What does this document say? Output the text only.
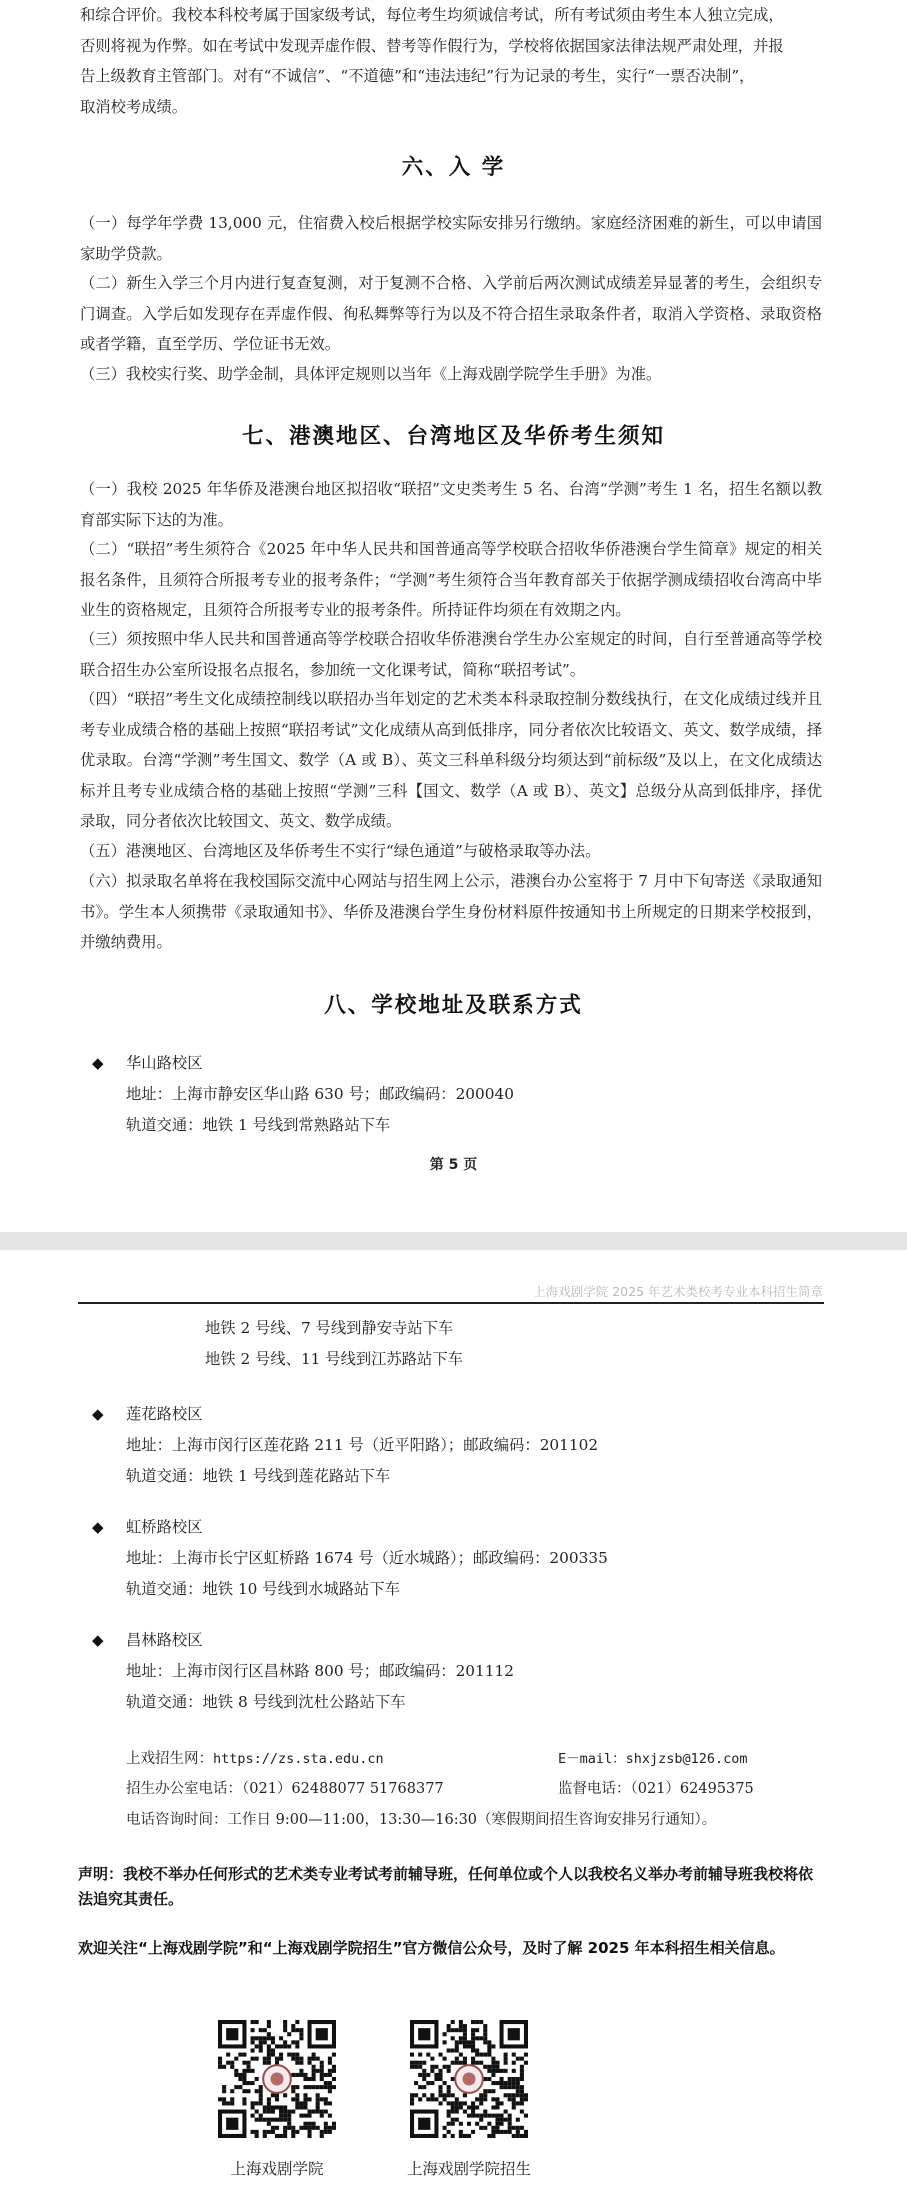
和综合评价。我校本科校考属于国家级考试，每位考生均须诚信考试，所有考试须由考生本人独立完成，
否则将视为作弊。如在考试中发现弄虚作假、替考等作假行为，学校将依据国家法律法规严肃处理，并报
告上级教育主管部门。对有“不诚信”、“不道德”和“违法违纪”行为记录的考生，实行“一票否决制”，
取消校考成绩。

六、入 学

（一）每学年学费 13,000 元，住宿费入校后根据学校实际安排另行缴纳。家庭经济困难的新生，可以申请国家助学贷款。

（二）新生入学三个月内进行复查复测，对于复测不合格、入学前后两次测试成绩差异显著的考生，会组织专门调查。入学后如发现存在弄虚作假、徇私舞弊等行为以及不符合招生录取条件者，取消入学资格、录取资格或者学籍，直至学历、学位证书无效。

（三）我校实行奖、助学金制，具体评定规则以当年《上海戏剧学院学生手册》为准。

七、港澳地区、台湾地区及华侨考生须知

（一）我校 2025 年华侨及港澳台地区拟招收“联招”文史类考生 5 名、台湾“学测”考生 1 名，招生名额以教育部实际下达的为准。

（二）“联招”考生须符合《2025 年中华人民共和国普通高等学校联合招收华侨港澳台学生简章》规定的相关报名条件，且须符合所报考专业的报考条件；“学测”考生须符合当年教育部关于依据学测成绩招收台湾高中毕业生的资格规定，且须符合所报考专业的报考条件。所持证件均须在有效期之内。

（三）须按照中华人民共和国普通高等学校联合招收华侨港澳台学生办公室规定的时间，自行至普通高等学校联合招生办公室所设报名点报名，参加统一文化课考试，简称“联招考试”。

（四）“联招”考生文化成绩控制线以联招办当年划定的艺术类本科录取控制分数线执行，在文化成绩过线并且考专业成绩合格的基础上按照“联招考试”文化成绩从高到低排序，同分者依次比较语文、英文、数学成绩，择优录取。台湾“学测”考生国文、数学（A 或 B）、英文三科单科级分均须达到“前标级”及以上，在文化成绩达标并且考专业成绩合格的基础上按照“学测”三科【国文、数学（A 或 B）、英文】总级分从高到低排序，择优录取，同分者依次比较国文、英文、数学成绩。

（五）港澳地区、台湾地区及华侨考生不实行“绿色通道”与破格录取等办法。

（六）拟录取名单将在我校国际交流中心网站与招生网上公示，港澳台办公室将于 7 月中下旬寄送《录取通知书》。学生本人须携带《录取通知书》、华侨及港澳台学生身份材料原件按通知书上所规定的日期来学校报到，并缴纳费用。

八、学校地址及联系方式
◆ 华山路校区
地址：上海市静安区华山路 630 号；邮政编码：200040
轨道交通：地铁 1 号线到常熟路站下车
第 5 页
上海戏剧学院 2025 年艺术类校考专业本科招生简章
地铁 2 号线、7 号线到静安寺站下车
地铁 2 号线、11 号线到江苏路站下车
◆ 莲花路校区
地址：上海市闵行区莲花路 211 号（近平阳路）；邮政编码：201102
轨道交通：地铁 1 号线到莲花路站下车
◆ 虹桥路校区
地址：上海市长宁区虹桥路 1674 号（近水城路）；邮政编码：200335
轨道交通：地铁 10 号线到水城路站下车
◆ 昌林路校区
地址：上海市闵行区昌林路 800 号；邮政编码：201112
轨道交通：地铁 8 号线到沈杜公路站下车
上戏招生网：https://zs.sta.edu.cn	E－mail：shxjzsb@126.com
招生办公室电话：（021）62488077 51768377	监督电话：（021）62495375
电话咨询时间：工作日 9:00—11:00，13:30—16:30（寒假期间招生咨询安排另行通知）。

声明：我校不举办任何形式的艺术类专业考试考前辅导班，任何单位或个人以我校名义举办考前辅导班我校将依法追究其责任。

欢迎关注“上海戏剧学院”和“上海戏剧学院招生”官方微信公众号，及时了解 2025 年本科招生相关信息。

上海戏剧学院	上海戏剧学院招生
